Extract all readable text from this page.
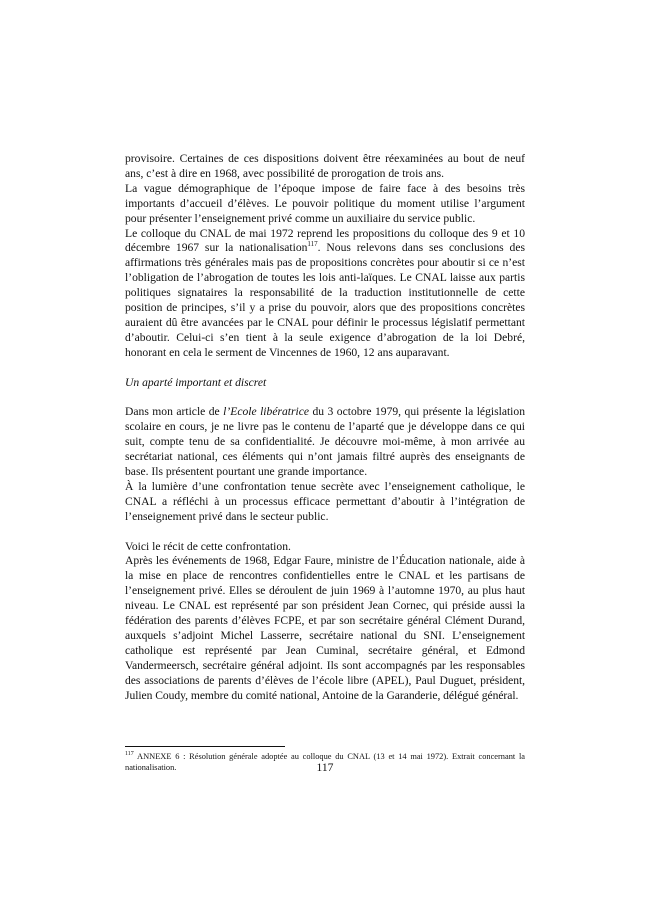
provisoire. Certaines de ces dispositions doivent être réexaminées au bout de neuf ans, c’est à dire en 1968, avec possibilité de prorogation de trois ans.

La vague démographique de l’époque impose de faire face à des besoins très importants d’accueil d’élèves. Le pouvoir politique du moment utilise l’argument pour présenter l’enseignement privé comme un auxiliaire du service public.

Le colloque du CNAL de mai 1972 reprend les propositions du colloque des 9 et 10 décembre 1967 sur la nationalisation$^{117}$. Nous relevons dans ses conclusions des affirmations très générales mais pas de propositions concrètes pour aboutir si ce n’est l’obligation de l’abrogation de toutes les lois anti-laïques. Le CNAL laisse aux partis politiques signataires la responsabilité de la traduction institutionnelle de cette position de principes, s’il y a prise du pouvoir, alors que des propositions concrètes auraient dû être avancées par le CNAL pour définir le processus législatif permettant d’aboutir. Celui-ci s’en tient à la seule exigence d’abrogation de la loi Debré, honorant en cela le serment de Vincennes de 1960, 12 ans auparavant.

Un aparté important et discret

Dans mon article de l’Ecole libératrice du 3 octobre 1979, qui présente la législation scolaire en cours, je ne livre pas le contenu de l’aparté que je développe dans ce qui suit, compte tenu de sa confidentialité. Je découvre moi-même, à mon arrivée au secrétariat national, ces éléments qui n’ont jamais filtré auprès des enseignants de base. Ils présentent pourtant une grande importance.

À la lumière d’une confrontation tenue secrète avec l’enseignement catholique, le CNAL a réfléchi à un processus efficace permettant d’aboutir à l’intégration de l’enseignement privé dans le secteur public.

Voici le récit de cette confrontation.

Après les événements de 1968, Edgar Faure, ministre de l’Éducation nationale, aide à la mise en place de rencontres confidentielles entre le CNAL et les partisans de l’enseignement privé. Elles se déroulent de juin 1969 à l’automne 1970, au plus haut niveau. Le CNAL est représenté par son président Jean Cornec, qui préside aussi la fédération des parents d’élèves FCPE, et par son secrétaire général Clément Durand, auxquels s’adjoint Michel Lasserre, secrétaire national du SNI. L’enseignement catholique est représenté par Jean Cuminal, secrétaire général, et Edmond Vandermeersch, secrétaire général adjoint. Ils sont accompagnés par les responsables des associations de parents d’élèves de l’école libre (APEL), Paul Duguet, président, Julien Coudy, membre du comité national, Antoine de la Garanderie, délégué général.

$^{117}$ ANNEXE 6 : Résolution générale adoptée au colloque du CNAL (13 et 14 mai 1972). Extrait concernant la nationalisation.	117
